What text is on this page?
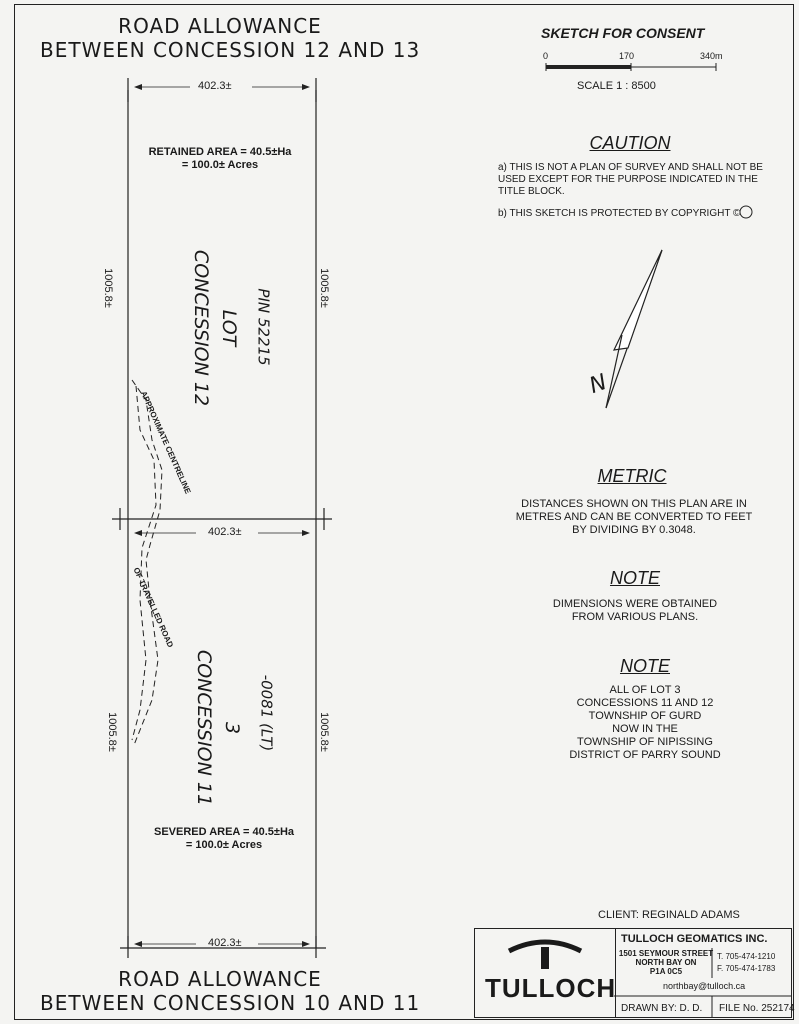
ROAD ALLOWANCE
BETWEEN CONCESSION 12 AND 13
ROAD ALLOWANCE
BETWEEN CONCESSION 10 AND 11
402.3±
402.3±
402.3±
1005.8±	1005.8±
1005.8±	1005.8±
RETAINED AREA = 40.5±Ha
= 100.0± Acres
SEVERED AREA = 40.5±Ha
= 100.0± Acres
LOT
CONCESSION 12	PIN 52215
3
CONCESSION 11	-0081 (LT)
APPROXIMATE CENTRELINE
OF TRAVELLED ROAD
SKETCH FOR CONSENT
0	170	340m
SCALE 1 : 8500
CAUTION
a) THIS IS NOT A PLAN OF SURVEY AND SHALL NOT BE USED EXCEPT FOR THE PURPOSE INDICATED IN THE TITLE BLOCK.
b) THIS SKETCH IS PROTECTED BY COPYRIGHT ©
N
METRIC
DISTANCES SHOWN ON THIS PLAN ARE IN METRES AND CAN BE CONVERTED TO FEET BY DIVIDING BY 0.3048.
NOTE
DIMENSIONS WERE OBTAINED FROM VARIOUS PLANS.
NOTE
ALL OF LOT 3
CONCESSIONS 11 AND 12
TOWNSHIP OF GURD
NOW IN THE
TOWNSHIP OF NIPISSING
DISTRICT OF PARRY SOUND
CLIENT: REGINALD ADAMS
TULLOCH
TULLOCH GEOMATICS INC.
1501 SEYMOUR STREET
NORTH BAY ON
P1A 0C5
T. 705-474-1210
F. 705-474-1783
northbay@tulloch.ca
DRAWN BY: D. D. FILE No. 252174
